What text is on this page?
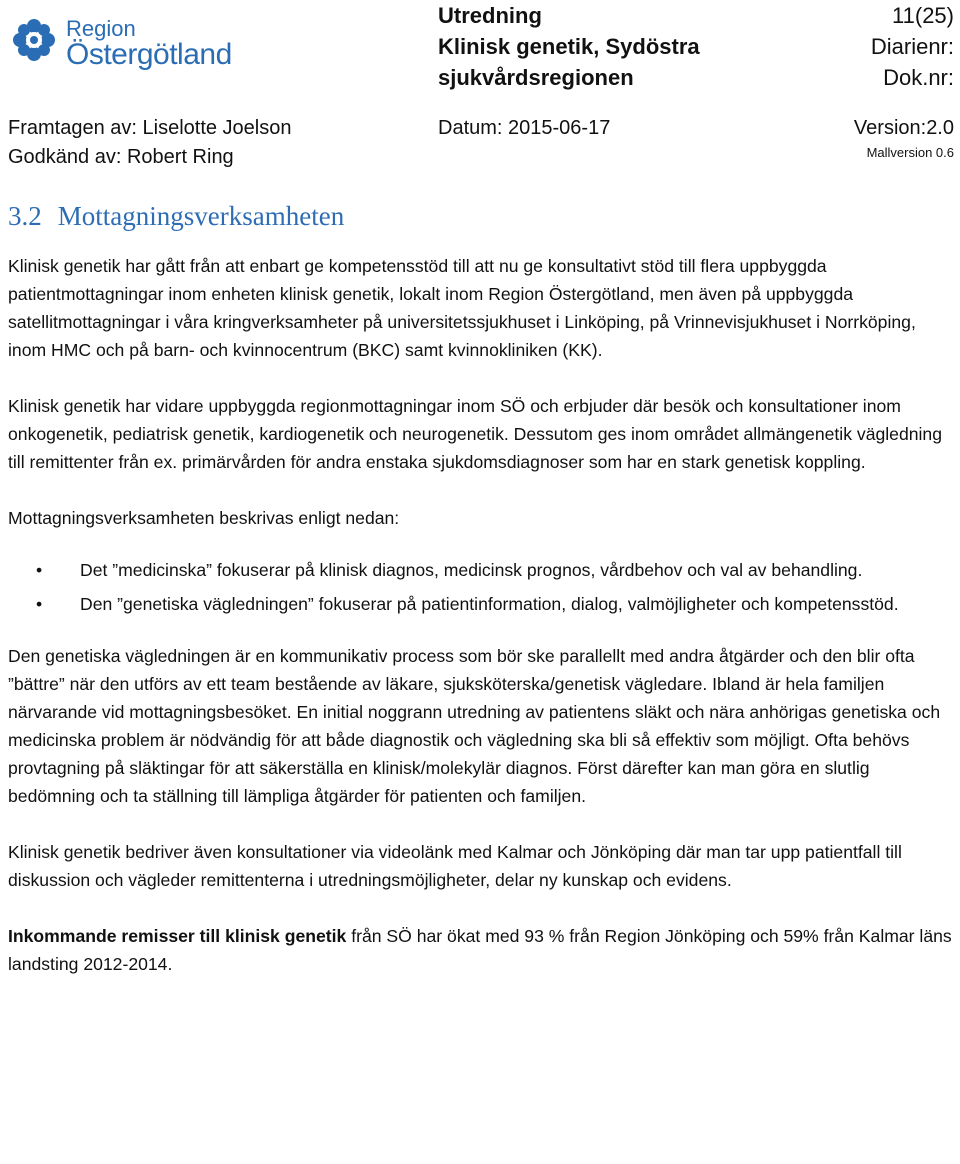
Region
Östergötland
Utredning
Klinisk genetik, Sydöstra
sjukvårdsregionen
11(25)
Diarienr:
Dok.nr:
Framtagen av: Liselotte Joelson
Godkänd av: Robert Ring
Datum: 2015-06-17	Version:2.0
Mallversion 0.6
3.2 Mottagningsverksamheten

Klinisk genetik har gått från att enbart ge kompetensstöd till att nu ge konsultativt stöd till flera uppbyggda patientmottagningar inom enheten klinisk genetik, lokalt inom Region Östergötland, men även på uppbyggda satellitmottagningar i våra kringverksamheter på universitetssjukhuset i Linköping, på Vrinnevisjukhuset i Norrköping, inom HMC och på barn- och kvinnocentrum (BKC) samt kvinnokliniken (KK).

Klinisk genetik har vidare uppbyggda regionmottagningar inom SÖ och erbjuder där besök och konsultationer inom onkogenetik, pediatrisk genetik, kardiogenetik och neurogenetik. Dessutom ges inom området allmängenetik vägledning till remittenter från ex. primärvården för andra enstaka sjukdomsdiagnoser som har en stark genetisk koppling.

Mottagningsverksamheten beskrivas enligt nedan:

• Det ”medicinska” fokuserar på klinisk diagnos, medicinsk prognos, vårdbehov och val av behandling.
• Den ”genetiska vägledningen” fokuserar på patientinformation, dialog, valmöjligheter och kompetensstöd.

Den genetiska vägledningen är en kommunikativ process som bör ske parallellt med andra åtgärder och den blir ofta ”bättre” när den utförs av ett team bestående av läkare, sjuksköterska/genetisk vägledare. Ibland är hela familjen närvarande vid mottagningsbesöket. En initial noggrann utredning av patientens släkt och nära anhörigas genetiska och medicinska problem är nödvändig för att både diagnostik och vägledning ska bli så effektiv som möjligt. Ofta behövs provtagning på släktingar för att säkerställa en klinisk/molekylär diagnos. Först därefter kan man göra en slutlig bedömning och ta ställning till lämpliga åtgärder för patienten och familjen.

Klinisk genetik bedriver även konsultationer via videolänk med Kalmar och Jönköping där man tar upp patientfall till diskussion och vägleder remittenterna i utredningsmöjligheter, delar ny kunskap och evidens.

Inkommande remisser till klinisk genetik från SÖ har ökat med 93 % från Region Jönköping och 59% från Kalmar läns landsting 2012-2014.
